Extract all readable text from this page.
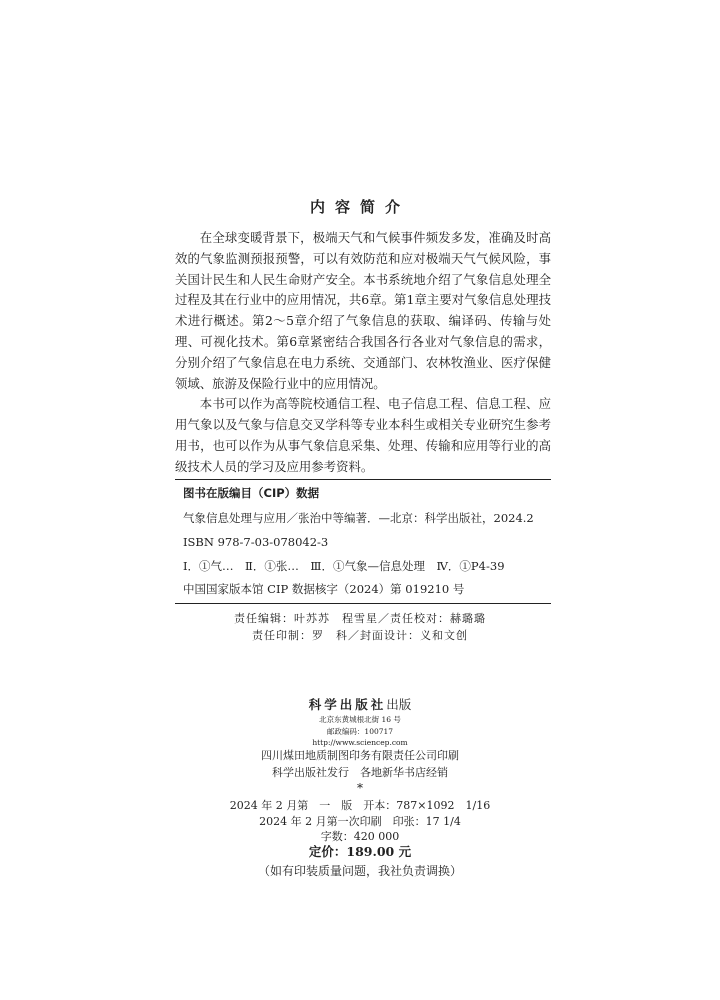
内容简介

在全球变暖背景下，极端天气和气候事件频发多发，准确及时高效的气象监测预报预警，可以有效防范和应对极端天气气候风险，事关国计民生和人民生命财产安全。本书系统地介绍了气象信息处理全过程及其在行业中的应用情况，共6章。第1章主要对气象信息处理技术进行概述。第2～5章介绍了气象信息的获取、编译码、传输与处理、可视化技术。第6章紧密结合我国各行各业对气象信息的需求，分别介绍了气象信息在电力系统、交通部门、农林牧渔业、医疗保健领域、旅游及保险行业中的应用情况。

本书可以作为高等院校通信工程、电子信息工程、信息工程、应用气象以及气象与信息交叉学科等专业本科生或相关专业研究生参考用书，也可以作为从事气象信息采集、处理、传输和应用等行业的高级技术人员的学习及应用参考资料。

图书在版编目（CIP）数据
气象信息处理与应用／张治中等编著．—北京：科学出版社，2024.2
ISBN 978-7-03-078042-3
Ⅰ．①气…　Ⅱ．①张…　Ⅲ．①气象—信息处理　Ⅳ．①P4-39
中国国家版本馆 CIP 数据核字（2024）第 019210 号
责任编辑：叶苏苏　程雪星／责任校对：赫璐璐
责任印制：罗　科／封面设计：义和文创
科学出版社出版
北京东黄城根北街 16 号
邮政编码：100717
http://www.sciencep.com
四川煤田地质制图印务有限责任公司印刷
科学出版社发行　各地新华书店经销
*
2024 年 2 月第　一　版　开本：787×1092　1/16
2024 年 2 月第一次印刷　印张：17 1/4
字数：420 000
定价：189.00 元
（如有印装质量问题，我社负责调换）
